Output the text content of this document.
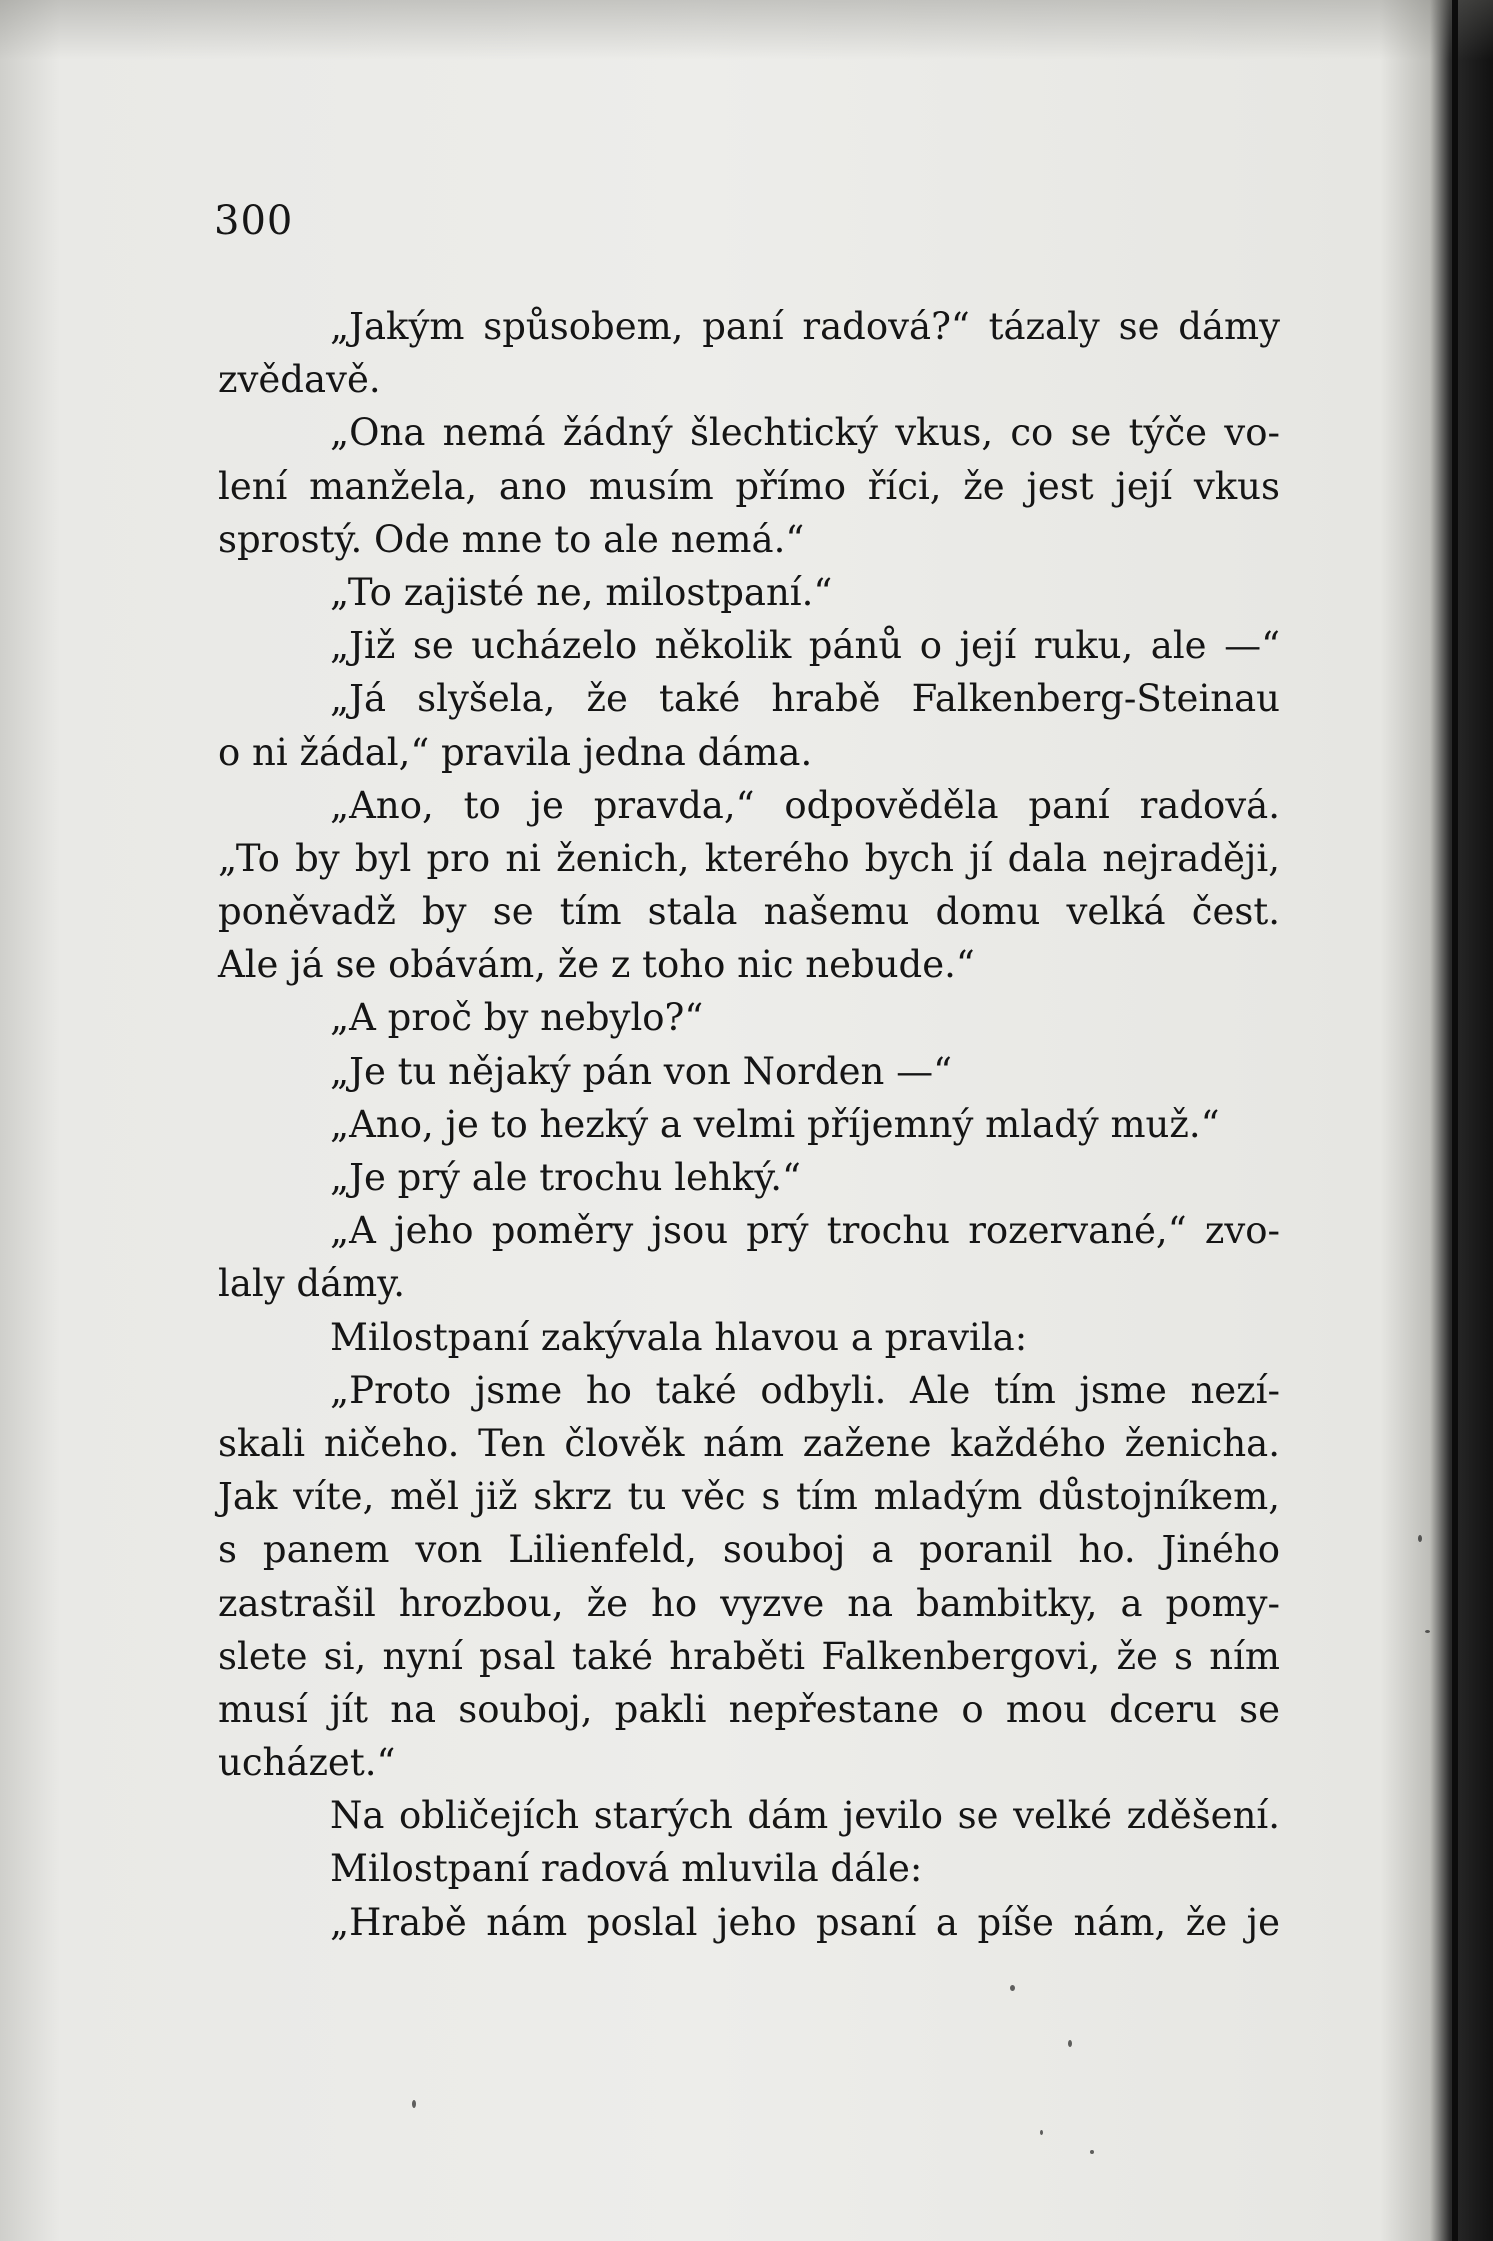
300
„Jakým spůsobem, paní radová?“ tázaly se dámy
zvědavě.
„Ona nemá žádný šlechtický vkus, co se týče vo-
lení manžela, ano musím přímo říci, že jest její vkus
sprostý. Ode mne to ale nemá.“
„To zajisté ne, milostpaní.“
„Již se ucházelo několik pánů o její ruku, ale —“
„Já slyšela, že také hrabě Falkenberg-Steinau
o ni žádal,“ pravila jedna dáma.
„Ano, to je pravda,“ odpověděla paní radová.
„To by byl pro ni ženich, kterého bych jí dala nejraději,
poněvadž by se tím stala našemu domu velká čest.
Ale já se obávám, že z toho nic nebude.“
„A proč by nebylo?“
„Je tu nějaký pán von Norden —“
„Ano, je to hezký a velmi příjemný mladý muž.“
„Je prý ale trochu lehký.“
„A jeho poměry jsou prý trochu rozervané,“ zvo-
laly dámy.
Milostpaní zakývala hlavou a pravila:
„Proto jsme ho také odbyli. Ale tím jsme nezí-
skali ničeho. Ten člověk nám zažene každého ženicha.
Jak víte, měl již skrz tu věc s tím mladým důstojníkem,
s panem von Lilienfeld, souboj a poranil ho. Jiného
zastrašil hrozbou, že ho vyzve na bambitky, a pomy-
slete si, nyní psal také hraběti Falkenbergovi, že s ním
musí jít na souboj, pakli nepřestane o mou dceru se
ucházet.“
Na obličejích starých dám jevilo se velké zděšení.
Milostpaní radová mluvila dále:
„Hrabě nám poslal jeho psaní a píše nám, že je
